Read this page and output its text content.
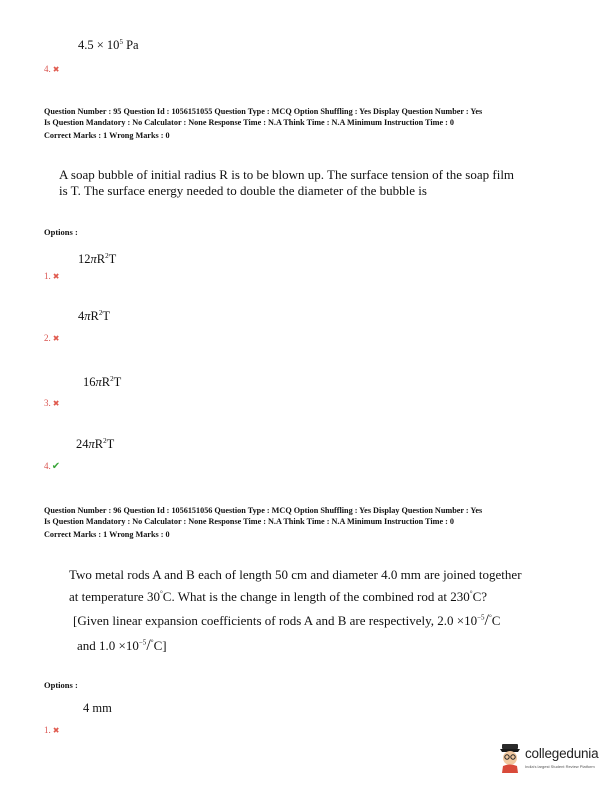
$4.5 \times 10^5$ Pa
4. ✖
Question Number : 95 Question Id : 1056151055 Question Type : MCQ Option Shuffling : Yes Display Question Number : Yes
Is Question Mandatory : No Calculator : None Response Time : N.A Think Time : N.A Minimum Instruction Time : 0
Correct Marks : 1 Wrong Marks : 0
A soap bubble of initial radius R is to be blown up. The surface tension of the soap film
is T. The surface energy needed to double the diameter of the bubble is
Options :
$12\pi R^2T$
1. ✖
$4\pi R^2T$
2. ✖
$16\pi R^2T$
3. ✖
$24\pi R^2T$
4.✔
Question Number : 96 Question Id : 1056151056 Question Type : MCQ Option Shuffling : Yes Display Question Number : Yes
Is Question Mandatory : No Calculator : None Response Time : N.A Think Time : N.A Minimum Instruction Time : 0
Correct Marks : 1 Wrong Marks : 0
Two metal rods A and B each of length 50 cm and diameter 4.0 mm are joined together
at temperature 30°C. What is the change in length of the combined rod at 230°C?
[Given linear expansion coefficients of rods A and B are respectively, $2.0 \times 10^{-5}/^\circ C$
and $1.0 \times 10^{-5}/^\circ C$]
Options :
4 mm
1. ✖
collegedunia
India's largest Student Review Platform
